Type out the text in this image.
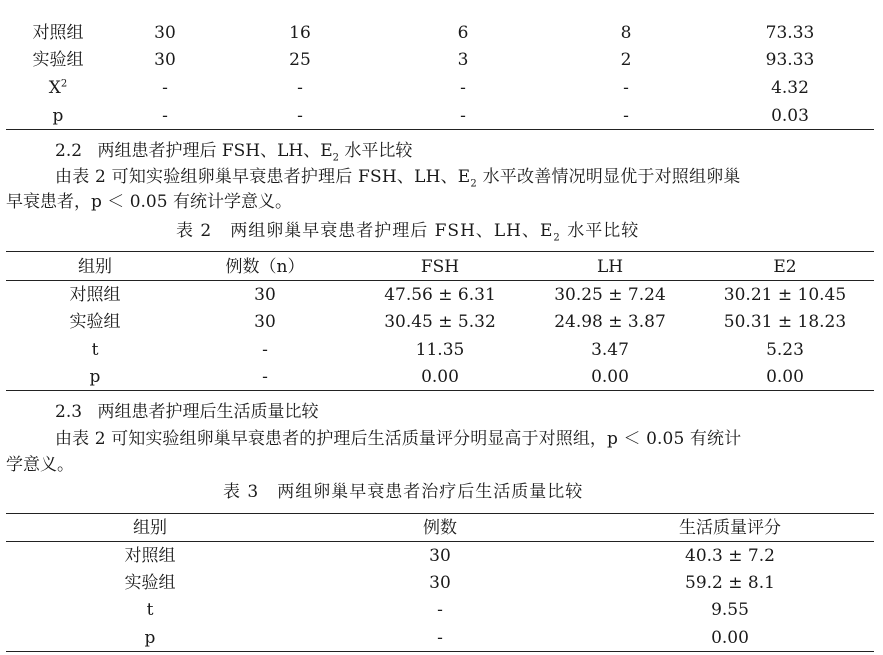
对照组	30	16	6	8	73.33
实验组	30	25	3	2	93.33
$X^2$	-	-	-	-	4.32
p	-	-	-	-	0.03
2.2 两组患者护理后 FSH、LH、$E_2$ 水平比较
由表 2 可知实验组卵巢早衰患者护理后 FSH、LH、$E_2$ 水平改善情况明显优于对照组卵巢
早衰患者，p ＜ 0.05 有统计学意义。
表 2　两组卵巢早衰患者护理后 FSH、LH、$E_2$ 水平比较
组别	例数（n）	FSH	LH	E2
对照组	30	47.56 ± 6.31	30.25 ± 7.24	30.21 ± 10.45
实验组	30	30.45 ± 5.32	24.98 ± 3.87	50.31 ± 18.23
t	-	11.35	3.47	5.23
p	-	0.00	0.00	0.00
2.3 两组患者护理后生活质量比较
由表 2 可知实验组卵巢早衰患者的护理后生活质量评分明显高于对照组，p ＜ 0.05 有统计
学意义。
表 3　两组卵巢早衰患者治疗后生活质量比较
组别	例数	生活质量评分
对照组	30	40.3 ± 7.2
实验组	30	59.2 ± 8.1
t	-	9.55
p	-	0.00
